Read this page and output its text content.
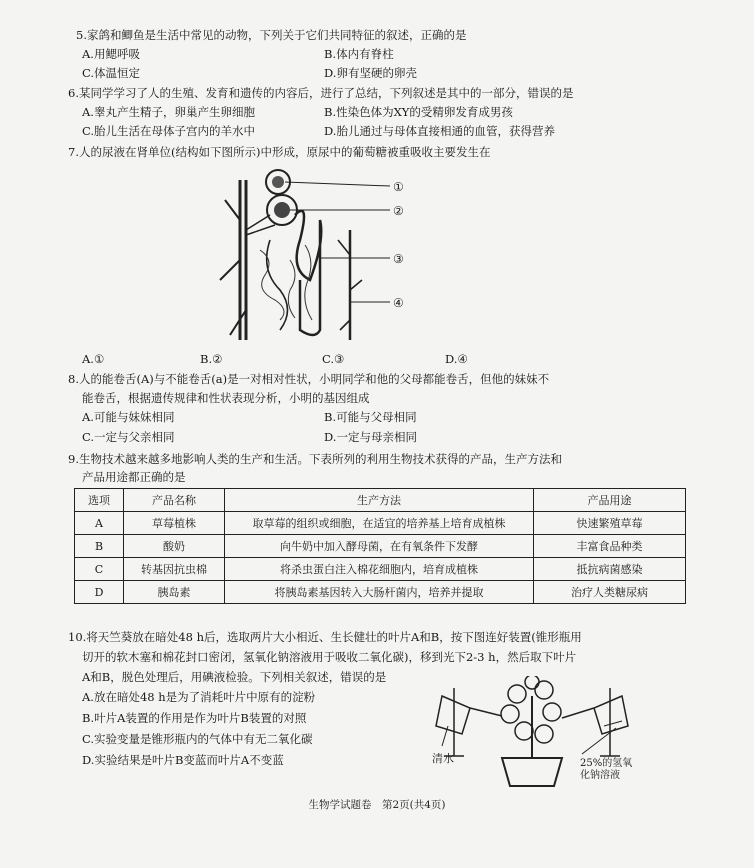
5.家鸽和鲫鱼是生活中常见的动物，下列关于它们共同特征的叙述，正确的是
A.用鳃呼吸	B.体内有脊柱
C.体温恒定	D.卵有坚硬的卵壳
6.某同学学习了人的生殖、发育和遗传的内容后，进行了总结，下列叙述是其中的一部分，错误的是
A.睾丸产生精子，卵巢产生卵细胞	B.性染色体为XY的受精卵发育成男孩
C.胎儿生活在母体子宫内的羊水中	D.胎儿通过与母体直接相通的血管，获得营养
7.人的尿液在肾单位(结构如下图所示)中形成，原尿中的葡萄糖被重吸收主要发生在
①
②
③
④
A.①	B.②	C.③	D.④
8.人的能卷舌(A)与不能卷舌(a)是一对相对性状，小明同学和他的父母都能卷舌，但他的妹妹不
能卷舌，根据遗传规律和性状表现分析，小明的基因组成
A.可能与妹妹相同	B.可能与父母相同
C.一定与父亲相同	D.一定与母亲相同
9.生物技术越来越多地影响人类的生产和生活。下表所列的利用生物技术获得的产品，生产方法和
产品用途都正确的是
选项	产品名称	生产方法	产品用途
A	草莓植株	取草莓的组织或细胞，在适宜的培养基上培育成植株	快速繁殖草莓
B	酸奶	向牛奶中加入酵母菌，在有氧条件下发酵	丰富食品种类
C	转基因抗虫棉	将杀虫蛋白注入棉花细胞内，培育成植株	抵抗病菌感染
D	胰岛素	将胰岛素基因转入大肠杆菌内，培养并提取	治疗人类糖尿病
10.将天竺葵放在暗处48 h后，选取两片大小相近、生长健壮的叶片A和B，按下图连好装置(锥形瓶用
切开的软木塞和棉花封口密闭，氢氧化钠溶液用于吸收二氧化碳)，移到光下2-3 h，然后取下叶片
A和B，脱色处理后，用碘液检验。下列相关叙述，错误的是
A.放在暗处48 h是为了消耗叶片中原有的淀粉
B.叶片A装置的作用是作为叶片B装置的对照
C.实验变量是锥形瓶内的气体中有无二氧化碳
D.实验结果是叶片B变蓝而叶片A不变蓝	清水	25%的氢氧
化钠溶液
生物学试题卷　第2页(共4页)
